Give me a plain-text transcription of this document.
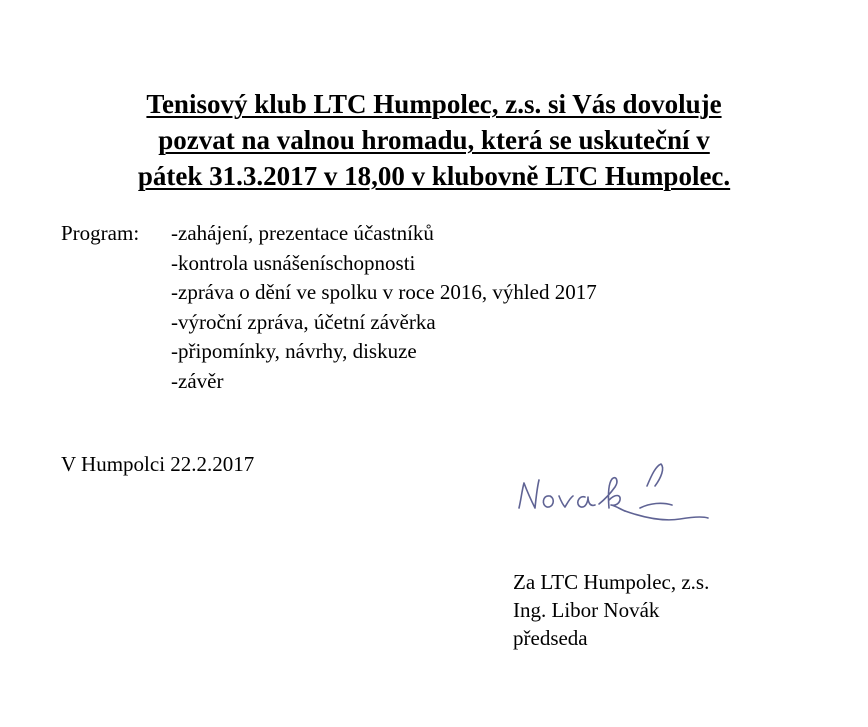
Tenisový klub LTC Humpolec, z.s. si Vás dovoluje
pozvat na valnou hromadu, která se uskuteční v
pátek 31.3.2017 v 18,00 v klubovně LTC Humpolec.
Program: -zahájení, prezentace účastníků
-kontrola usnášeníschopnosti
-zpráva o dění ve spolku v roce 2016, výhled 2017
-výroční zpráva, účetní závěrka
-připomínky, návrhy, diskuze
-závěr
V Humpolci 22.2.2017
Za LTC Humpolec, z.s.
Ing. Libor Novák
předseda
